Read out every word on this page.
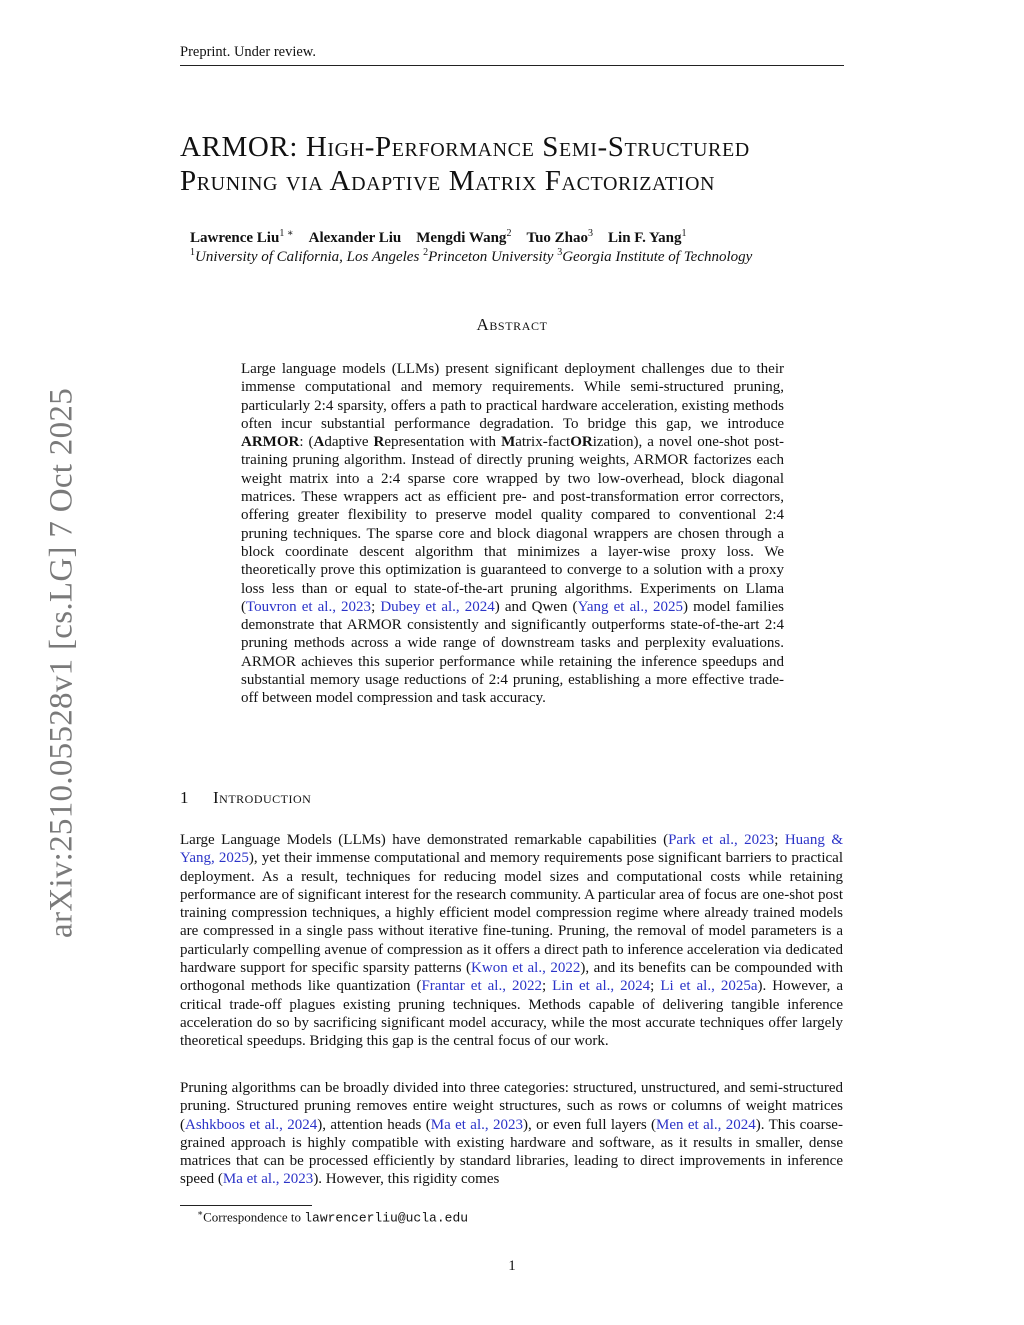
Preprint. Under review.
arXiv:2510.05528v1 [cs.LG] 7 Oct 2025
ARMOR: High-Performance Semi-Structured
Pruning via Adaptive Matrix Factorization
Lawrence Liu$^{1 ∗}$ Alexander Liu Mengdi Wang$^2$ Tuo Zhao$^3$ Lin F. Yang$^1$
$^1$University of California, Los Angeles $^2$Princeton University $^3$Georgia Institute of Technology
Abstract
Large language models (LLMs) present significant deployment challenges due to their immense computational and memory requirements. While semi-structured pruning, particularly 2:4 sparsity, offers a path to practical hardware acceleration, existing methods often incur substantial performance degradation. To bridge this gap, we introduce ARMOR: (Adaptive Representation with Matrix-factORization), a novel one-shot post-training pruning algorithm. Instead of directly pruning weights, ARMOR factorizes each weight matrix into a 2:4 sparse core wrapped by two low-overhead, block diagonal matrices. These wrappers act as efficient pre- and post-transformation error correctors, offering greater flexibility to preserve model quality compared to conventional 2:4 pruning techniques. The sparse core and block diagonal wrappers are chosen through a block coordinate descent algorithm that minimizes a layer-wise proxy loss. We theoretically prove this optimization is guaranteed to converge to a solution with a proxy loss less than or equal to state-of-the-art pruning algorithms. Experiments on Llama (Touvron et al., 2023; Dubey et al., 2024) and Qwen (Yang et al., 2025) model families demonstrate that ARMOR consistently and significantly outperforms state-of-the-art 2:4 pruning methods across a wide range of downstream tasks and perplexity evaluations. ARMOR achieves this superior performance while retaining the inference speedups and substantial memory usage reductions of 2:4 pruning, establishing a more effective trade-off between model compression and task accuracy.
1 Introduction
Large Language Models (LLMs) have demonstrated remarkable capabilities (Park et al., 2023; Huang & Yang, 2025), yet their immense computational and memory requirements pose significant barriers to practical deployment. As a result, techniques for reducing model sizes and computational costs while retaining performance are of significant interest for the research community. A particular area of focus are one-shot post training compression techniques, a highly efficient model compression regime where already trained models are compressed in a single pass without iterative fine-tuning. Pruning, the removal of model parameters is a particularly compelling avenue of compression as it offers a direct path to inference acceleration via dedicated hardware support for specific sparsity patterns (Kwon et al., 2022), and its benefits can be compounded with orthogonal methods like quantization (Frantar et al., 2022; Lin et al., 2024; Li et al., 2025a). However, a critical trade-off plagues existing pruning techniques. Methods capable of delivering tangible inference acceleration do so by sacrificing significant model accuracy, while the most accurate techniques offer largely theoretical speedups. Bridging this gap is the central focus of our work.
Pruning algorithms can be broadly divided into three categories: structured, unstructured, and semi-structured pruning. Structured pruning removes entire weight structures, such as rows or columns of weight matrices (Ashkboos et al., 2024), attention heads (Ma et al., 2023), or even full layers (Men et al., 2024). This coarse-grained approach is highly compatible with existing hardware and software, as it results in smaller, dense matrices that can be processed efficiently by standard libraries, leading to direct improvements in inference speed (Ma et al., 2023). However, this rigidity comes
∗Correspondence to lawrencerliu@ucla.edu
1
